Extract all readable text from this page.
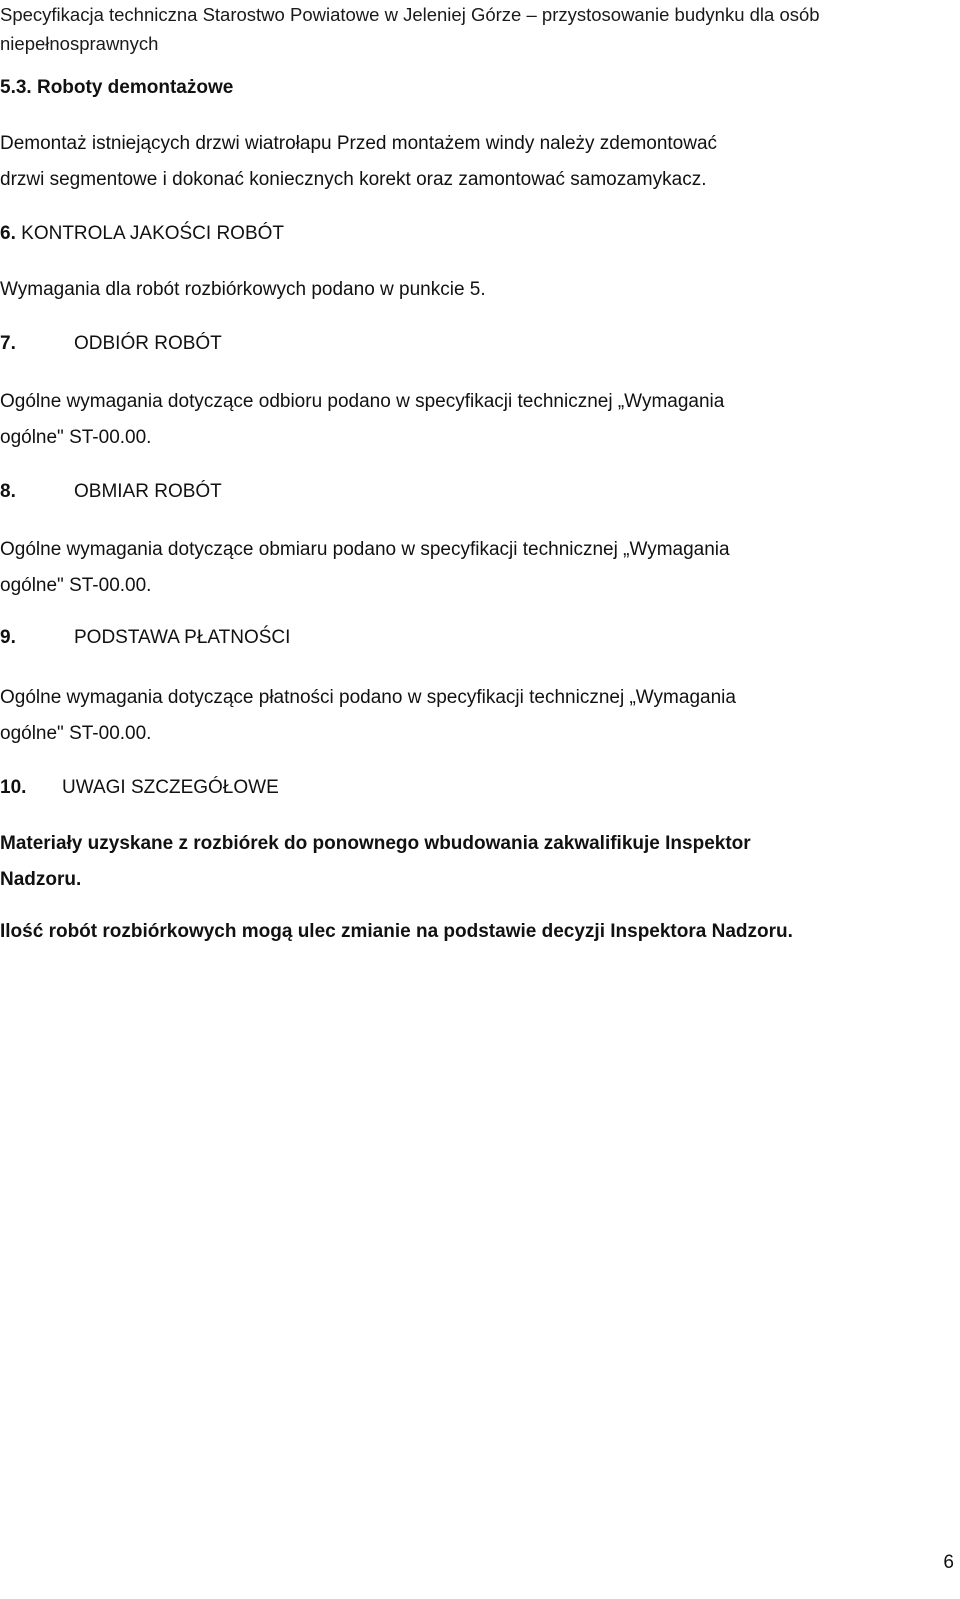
Specyfikacja techniczna Starostwo Powiatowe w Jeleniej Górze – przystosowanie budynku dla osób
niepełnosprawnych
5.3. Roboty demontażowe
Demontaż istniejących drzwi wiatrołapu Przed montażem windy należy zdemontować
drzwi segmentowe i dokonać koniecznych korekt oraz zamontować samozamykacz.
6. KONTROLA JAKOŚCI ROBÓT
Wymagania dla robót rozbiórkowych podano w punkcie 5.
7.	ODBIÓR ROBÓT
Ogólne wymagania dotyczące odbioru podano w specyfikacji technicznej „Wymagania
ogólne" ST-00.00.
8.	OBMIAR ROBÓT
Ogólne wymagania dotyczące obmiaru podano w specyfikacji technicznej „Wymagania
ogólne" ST-00.00.
9.	PODSTAWA PŁATNOŚCI
Ogólne wymagania dotyczące płatności podano w specyfikacji technicznej „Wymagania
ogólne" ST-00.00.
10. UWAGI SZCZEGÓŁOWE
Materiały uzyskane z rozbiórek do ponownego wbudowania zakwalifikuje Inspektor
Nadzoru.
Ilość robót rozbiórkowych mogą ulec zmianie na podstawie decyzji Inspektora Nadzoru.
6
